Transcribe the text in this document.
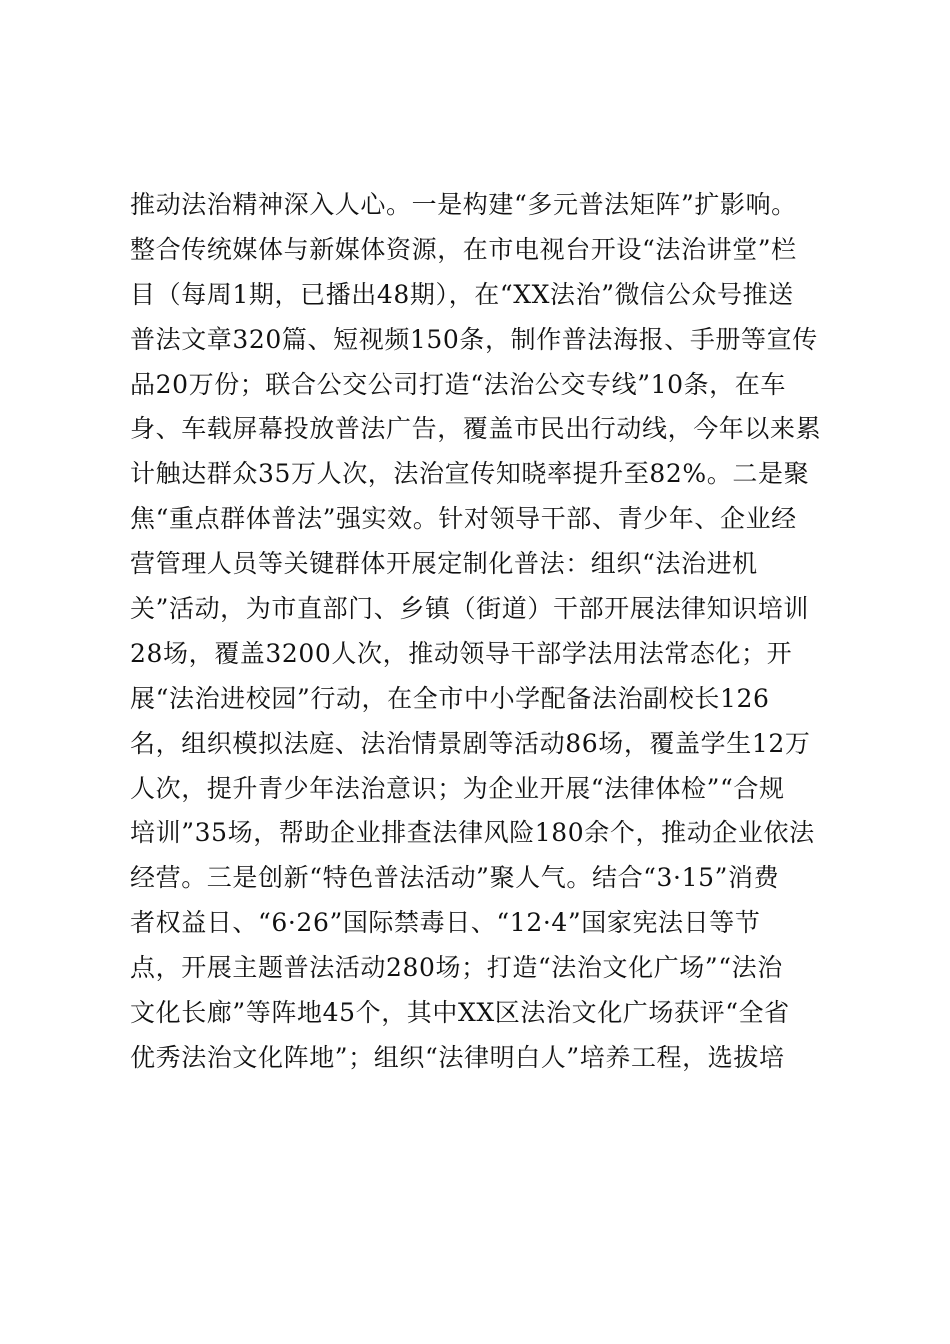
推动法治精神深入人心。一是构建“多元普法矩阵”扩影响。
整合传统媒体与新媒体资源，在市电视台开设“法治讲堂”栏
目（每周1期，已播出48期），在“XX法治”微信公众号推送
普法文章320篇、短视频150条，制作普法海报、手册等宣传
品20万份；联合公交公司打造“法治公交专线”10条，在车
身、车载屏幕投放普法广告，覆盖市民出行动线，今年以来累
计触达群众35万人次，法治宣传知晓率提升至82%。二是聚
焦“重点群体普法”强实效。针对领导干部、青少年、企业经
营管理人员等关键群体开展定制化普法：组织“法治进机
关”活动，为市直部门、乡镇（街道）干部开展法律知识培训
28场，覆盖3200人次，推动领导干部学法用法常态化；开
展“法治进校园”行动，在全市中小学配备法治副校长126
名，组织模拟法庭、法治情景剧等活动86场，覆盖学生12万
人次，提升青少年法治意识；为企业开展“法律体检”“合规
培训”35场，帮助企业排查法律风险180余个，推动企业依法
经营。三是创新“特色普法活动”聚人气。结合“3·15”消费
者权益日、“6·26”国际禁毒日、“12·4”国家宪法日等节
点，开展主题普法活动280场；打造“法治文化广场”“法治
文化长廊”等阵地45个，其中XX区法治文化广场获评“全省
优秀法治文化阵地”；组织“法律明白人”培养工程，选拔培
